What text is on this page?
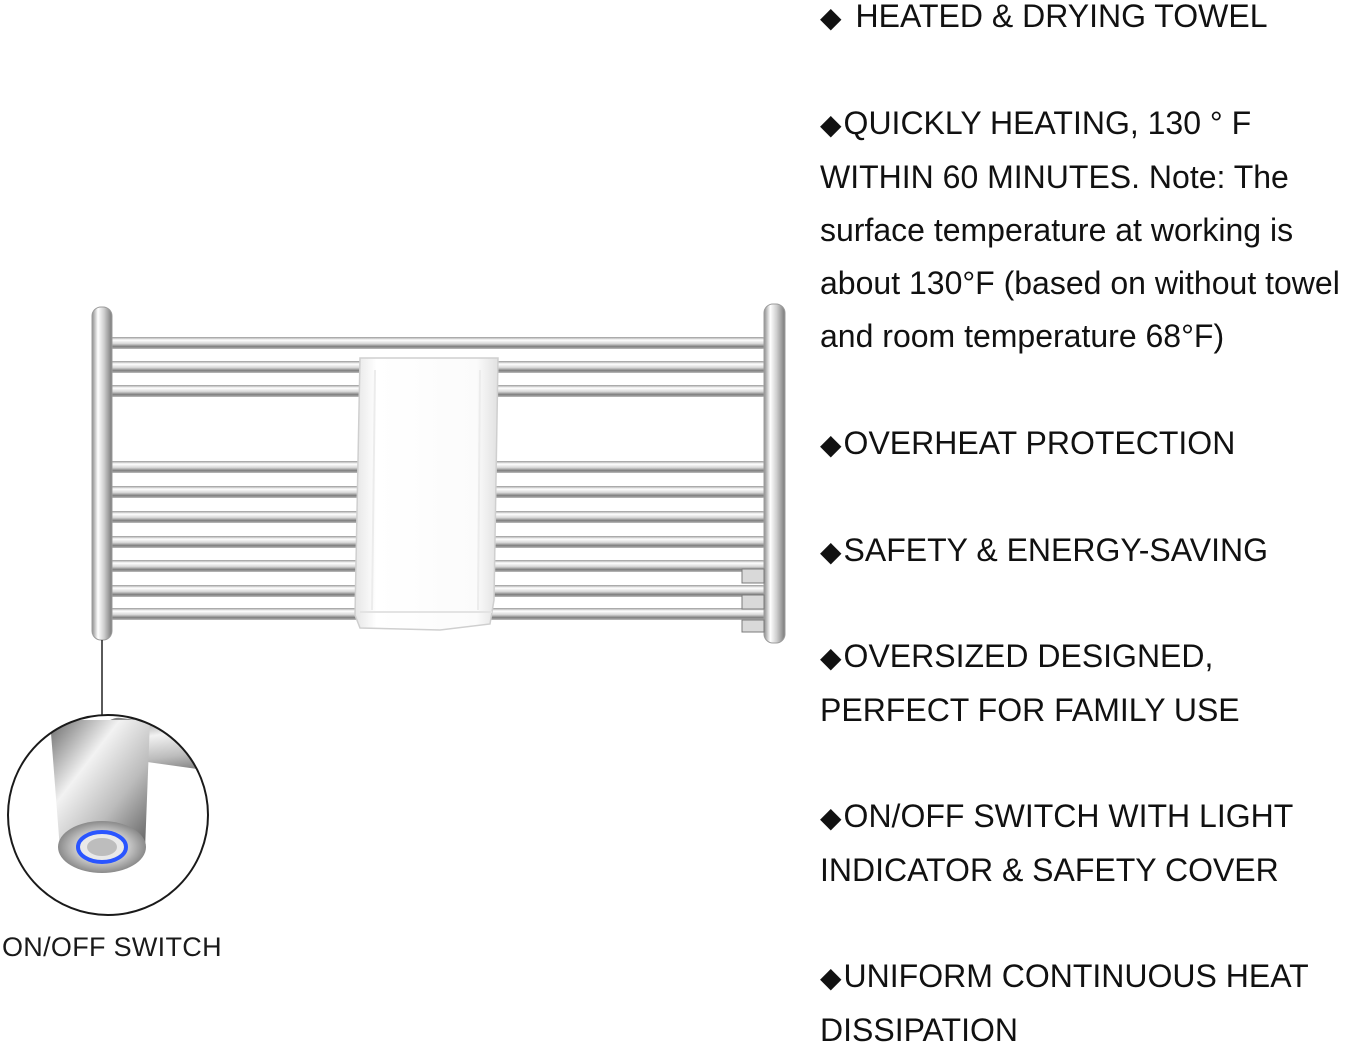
ON/OFF SWITCH
◆ HEATED & DRYING TOWEL
◆QUICKLY HEATING, 130 ° F WITHIN 60 MINUTES. Note: The surface temperature at working is about 130°F (based on without towel and room temperature 68°F)
◆OVERHEAT PROTECTION
◆SAFETY & ENERGY-SAVING
◆OVERSIZED DESIGNED, PERFECT FOR FAMILY USE
◆ON/OFF SWITCH WITH LIGHT INDICATOR & SAFETY COVER
◆UNIFORM CONTINUOUS HEAT DISSIPATION
